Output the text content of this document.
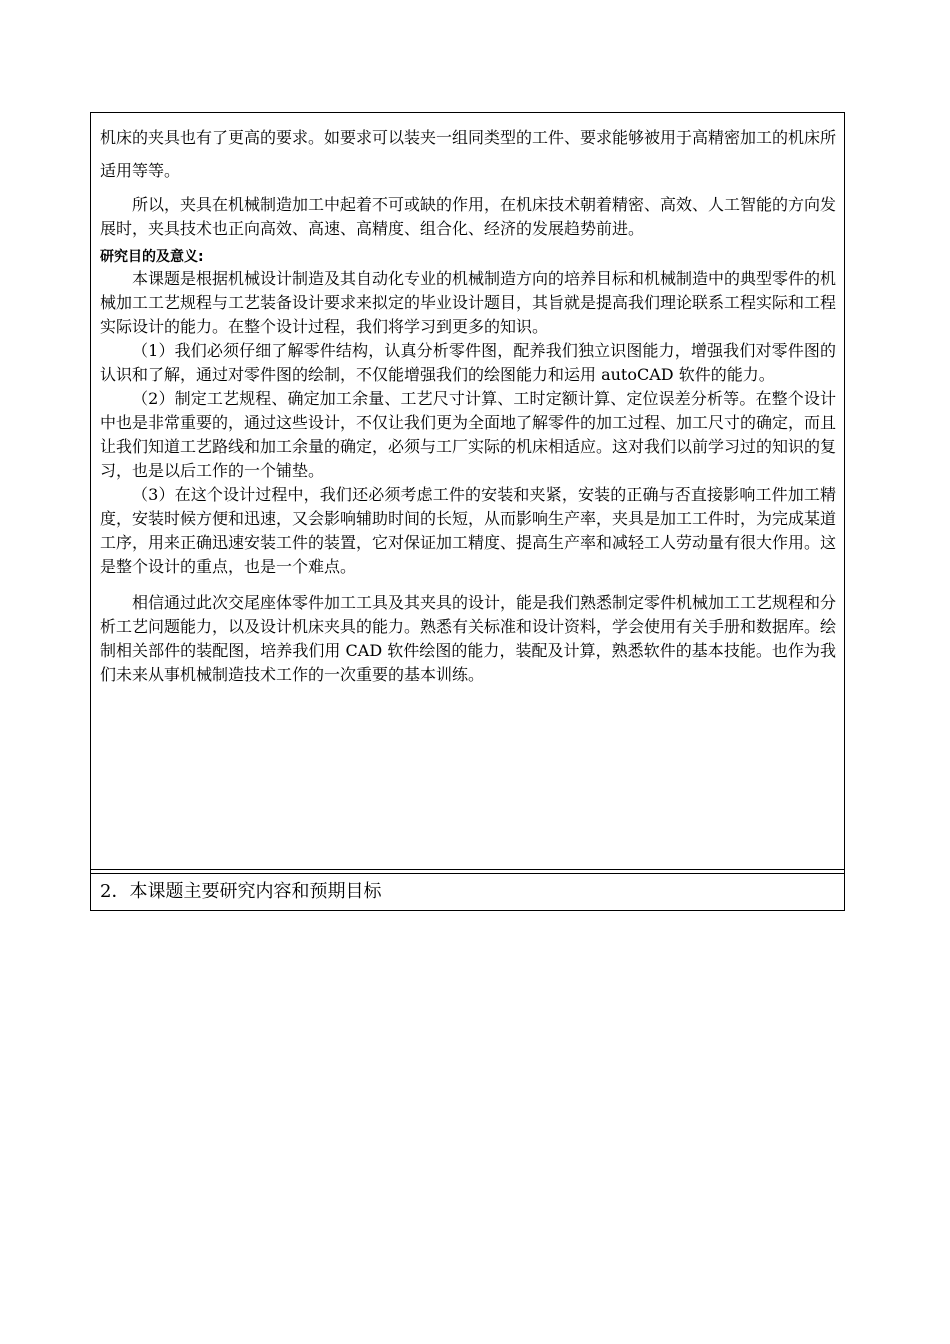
机床的夹具也有了更高的要求。如要求可以装夹一组同类型的工件、要求能够被用于高精密加工的机床所适用等等。

所以，夹具在机械制造加工中起着不可或缺的作用，在机床技术朝着精密、高效、人工智能的方向发展时，夹具技术也正向高效、高速、高精度、组合化、经济的发展趋势前进。

研究目的及意义:

本课题是根据机械设计制造及其自动化专业的机械制造方向的培养目标和机械制造中的典型零件的机械加工工艺规程与工艺装备设计要求来拟定的毕业设计题目，其旨就是提高我们理论联系工程实际和工程实际设计的能力。在整个设计过程，我们将学习到更多的知识。

（1）我们必须仔细了解零件结构，认真分析零件图，配养我们独立识图能力，增强我们对零件图的认识和了解，通过对零件图的绘制，不仅能增强我们的绘图能力和运用 autoCAD 软件的能力。

（2）制定工艺规程、确定加工余量、工艺尺寸计算、工时定额计算、定位误差分析等。在整个设计中也是非常重要的，通过这些设计，不仅让我们更为全面地了解零件的加工过程、加工尺寸的确定，而且让我们知道工艺路线和加工余量的确定，必须与工厂实际的机床相适应。这对我们以前学习过的知识的复习，也是以后工作的一个铺垫。

（3）在这个设计过程中，我们还必须考虑工件的安装和夹紧，安装的正确与否直接影响工件加工精度，安装时候方便和迅速，又会影响辅助时间的长短，从而影响生产率，夹具是加工工件时，为完成某道工序，用来正确迅速安装工件的装置，它对保证加工精度、提高生产率和减轻工人劳动量有很大作用。这是整个设计的重点，也是一个难点。

相信通过此次交尾座体零件加工工具及其夹具的设计，能是我们熟悉制定零件机械加工工艺规程和分析工艺问题能力，以及设计机床夹具的能力。熟悉有关标准和设计资料，学会使用有关手册和数据库。绘制相关部件的装配图，培养我们用 CAD 软件绘图的能力，装配及计算，熟悉软件的基本技能。也作为我们未来从事机械制造技术工作的一次重要的基本训练。

2．本课题主要研究内容和预期目标
